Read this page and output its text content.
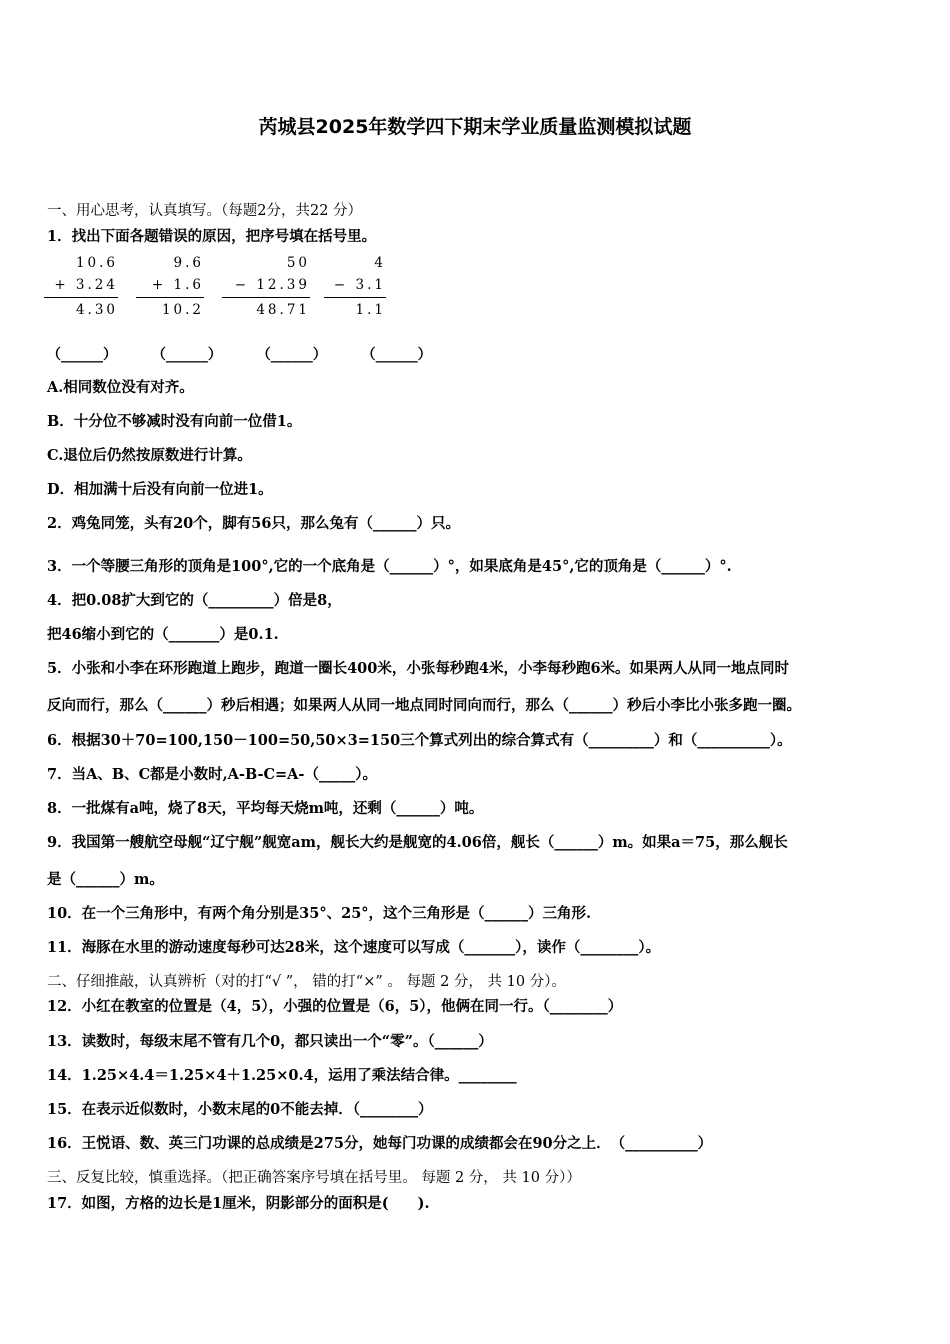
芮城县2025年数学四下期末学业质量监测模拟试题
一、用心思考，认真填写。（每题2分，共22 分）
1．找出下面各题错误的原因，把序号填在括号里。
10.6
+ 3.24
4.30
9.6
+ 1.6
10.2
50
− 12.39
48.71
4
− 3.1
1.1
（______） （______） （______） （______）
A.相同数位没有对齐。
B．十分位不够减时没有向前一位借1。
C.退位后仍然按原数进行计算。
D．相加满十后没有向前一位进1。
2．鸡兔同笼，头有20个，脚有56只，那么兔有（______）只。
3．一个等腰三角形的顶角是100°,它的一个底角是（______）°，如果底角是45°,它的顶角是（______）°.
4．把0.08扩大到它的（_________）倍是8，
把46缩小到它的（_______）是0.1.
5．小张和小李在环形跑道上跑步，跑道一圈长400米，小张每秒跑4米，小李每秒跑6米。如果两人从同一地点同时
反向而行，那么（______）秒后相遇；如果两人从同一地点同时同向而行，那么（______）秒后小李比小张多跑一圈。
6．根据30＋70=100,150－100=50,50×3=150三个算式列出的综合算式有（_________）和（__________）。
7．当A、B、C都是小数时,A-B-C=A-（_____）。
8．一批煤有a吨，烧了8天，平均每天烧m吨，还剩（______）吨。
9．我国第一艘航空母舰“辽宁舰”舰宽am，舰长大约是舰宽的4.06倍，舰长（______）m。如果a＝75，那么舰长
是（______）m。
10．在一个三角形中，有两个角分别是35°、25°，这个三角形是（______）三角形.
11．海豚在水里的游动速度每秒可达28米，这个速度可以写成（_______），读作（________）。
二、仔细推敲，认真辨析（对的打“√ ”， 错的打“×” 。 每题 2 分， 共 10 分）。
12．小红在教室的位置是（4，5），小强的位置是（6，5），他俩在同一行。（________）
13．读数时，每级末尾不管有几个0，都只读出一个“零”。（______）
14．1.25×4.4＝1.25×4＋1.25×0.4，运用了乘法结合律。________
15．在表示近似数时，小数末尾的0不能去掉．（________）
16．王悦语、数、英三门功课的总成绩是275分，她每门功课的成绩都会在90分之上．　（__________）
三、反复比较，慎重选择。（把正确答案序号填在括号里。 每题 2 分， 共 10 分））
17．如图，方格的边长是1厘米，阴影部分的面积是(　　).
